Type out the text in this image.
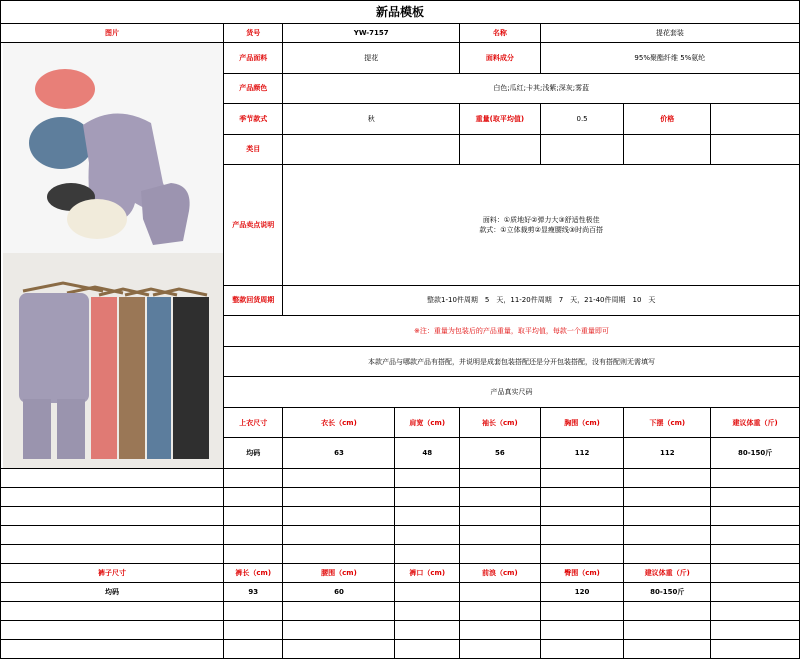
新品模板
图片	货号	YW-7157		名称	提花套装		

	产品面料	提花		面料成分	95%聚酯纤维 5%氨纶		
	产品颜色	白色;瓜红;卡其;浅紫;深灰;雾蓝					
	季节款式	秋		重量(取平均值)	0.5	价格	
	类目						
	产品卖点说明	面料：①质地好②弹力大③舒适性极佳
款式：①立体裁剪②显瘦腰线③时尚百搭					

	整款回货周期	整款1-10件周期　5　天，11-20件周期　7　天，21-40件周期　10　天					
	※注：重量为包装后的产品重量，取平均值，每款一个重量即可						
	本款产品与哪款产品有搭配，并说明是成套包装搭配还是分开包装搭配，没有搭配则无需填写						
	产品真实尺码						
	上衣尺寸	衣长（cm)	肩宽（cm)	袖长（cm)	胸围（cm)	下摆（cm)	建议体重（斤)
	均码	63	48	56	112	112	80-150斤

裤子尺寸	裤长（cm)	腰围（cm)	裤口（cm)	前浪（cm)	臀围（cm)	建议体重（斤)	
均码	93	60			120	80-150斤	
